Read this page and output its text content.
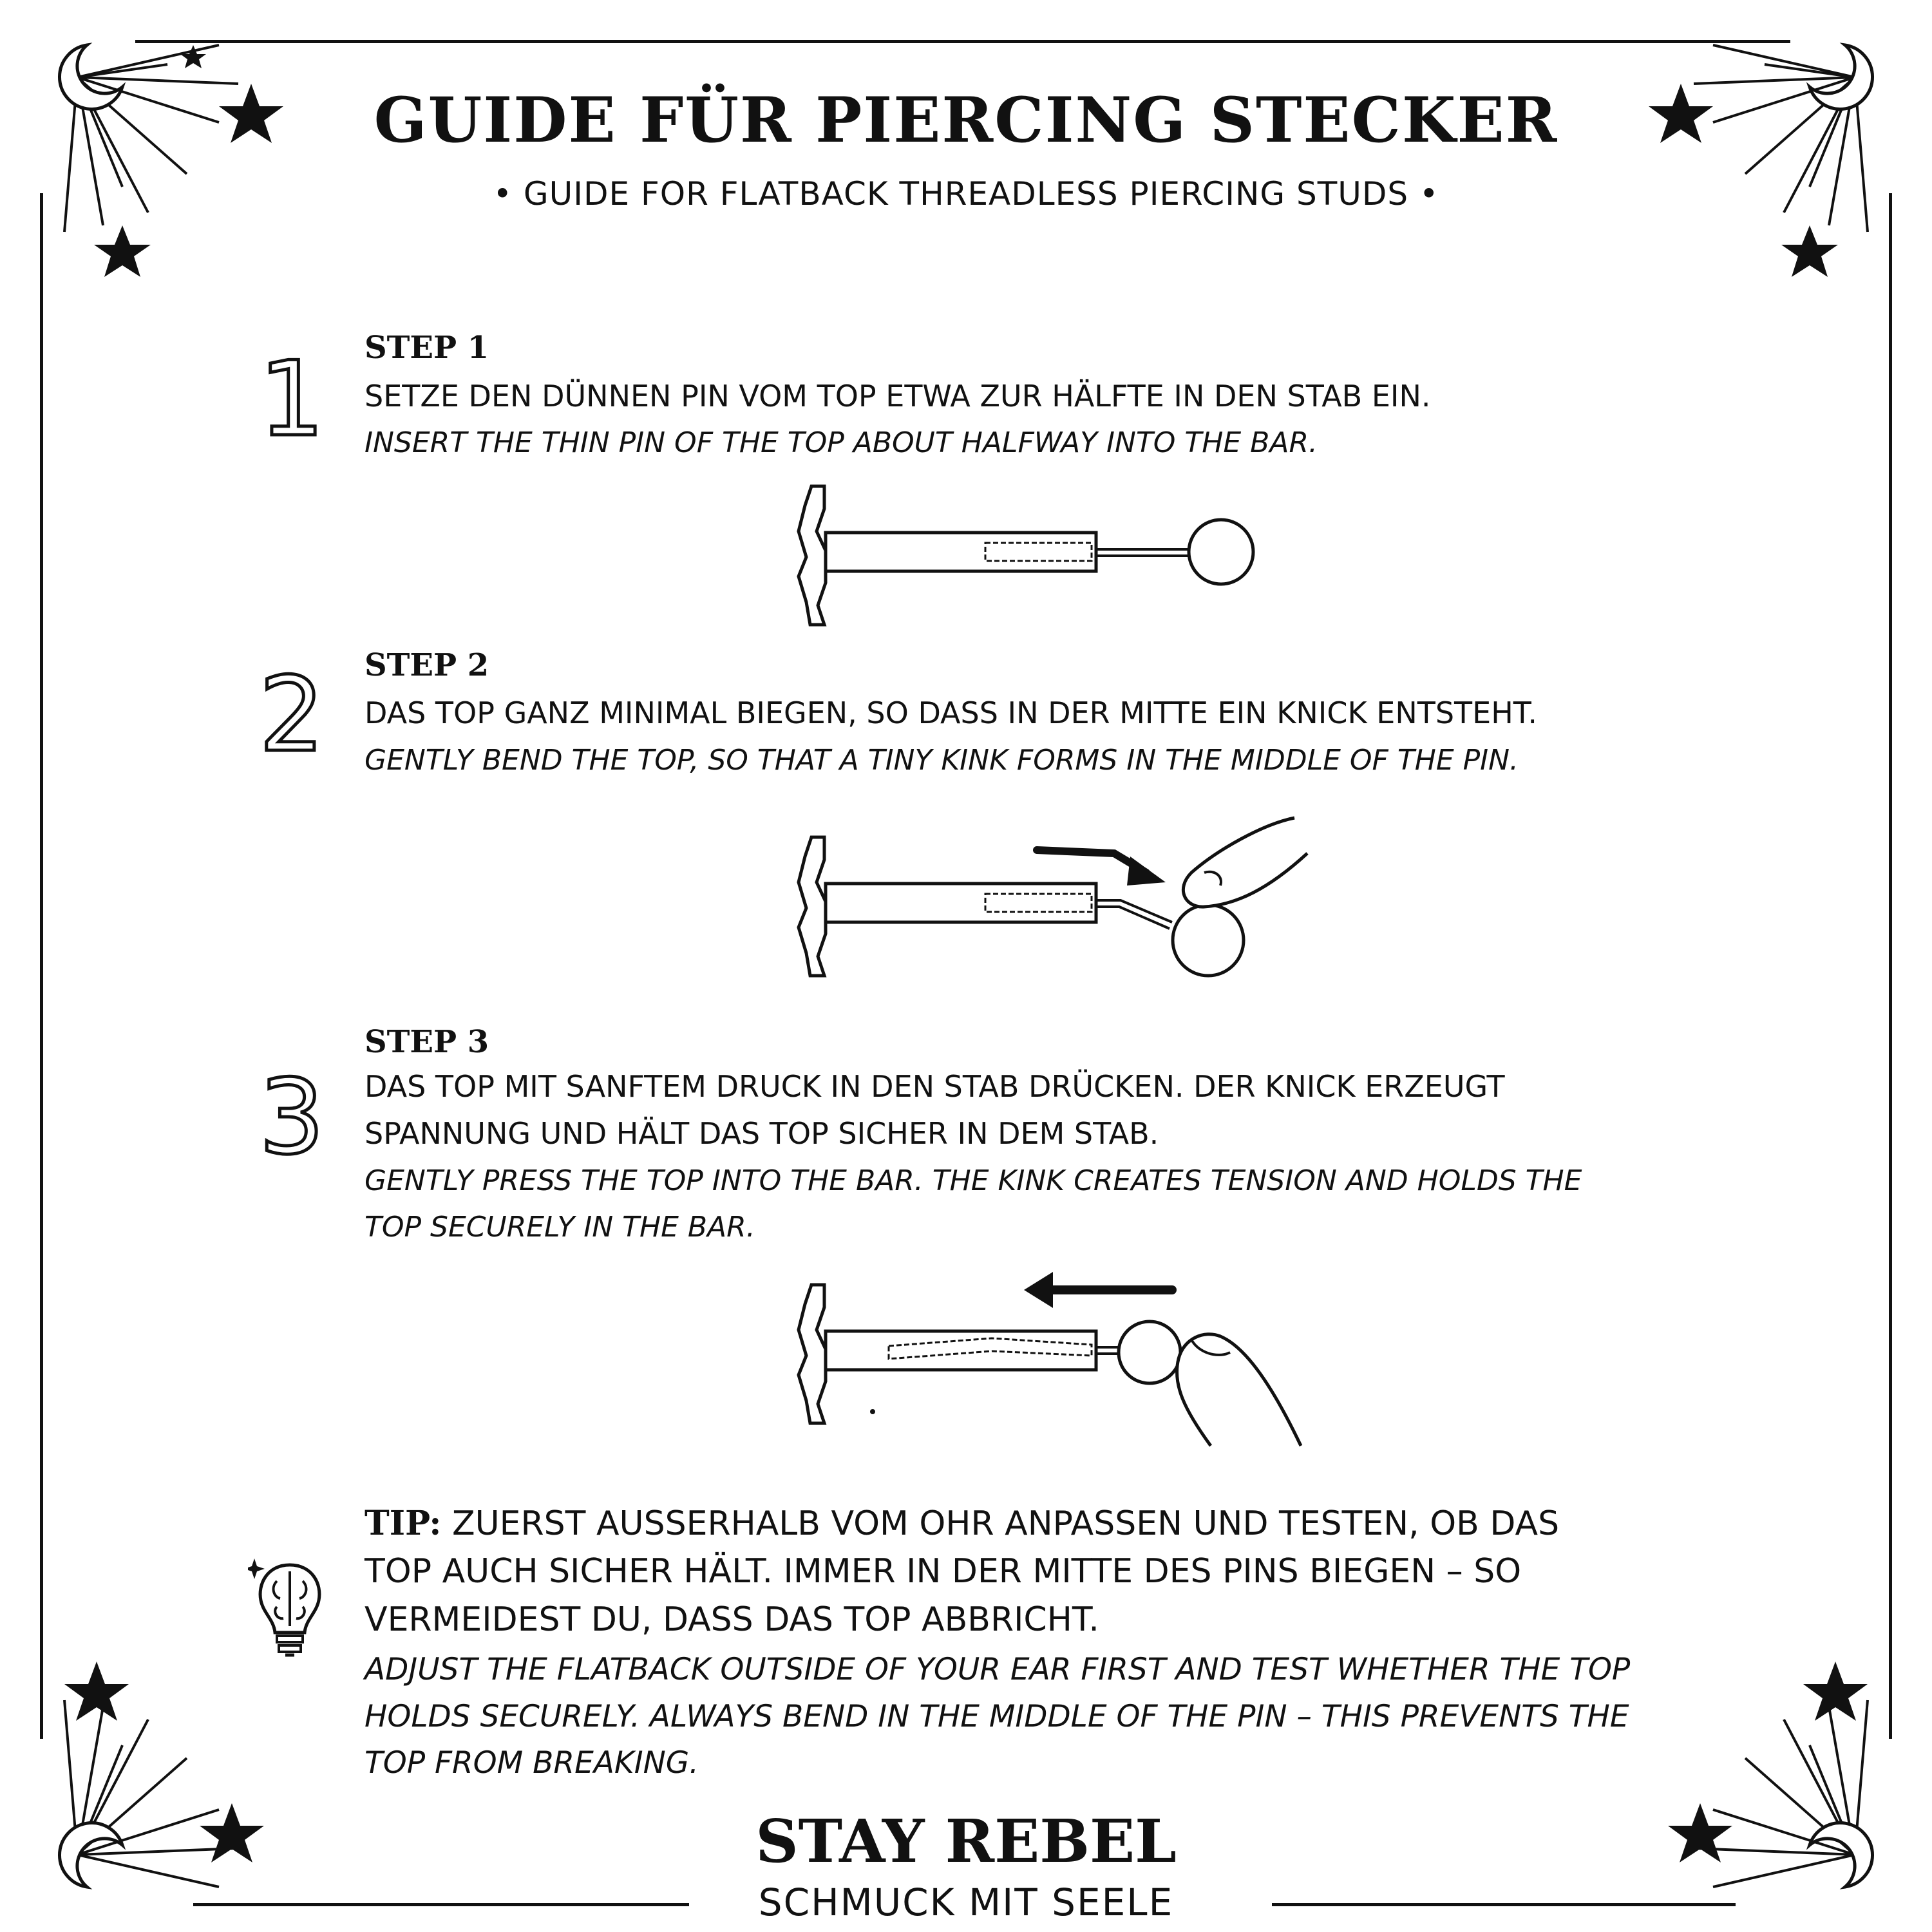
GUIDE FÜR PIERCING STECKER
• GUIDE FOR FLATBACK THREADLESS PIERCING STUDS •
1 STEP 1
SETZE DEN DÜNNEN PIN VOM TOP ETWA ZUR HÄLFTE IN DEN STAB EIN.
INSERT THE THIN PIN OF THE TOP ABOUT HALFWAY INTO THE BAR.
2 STEP 2
DAS TOP GANZ MINIMAL BIEGEN, SO DASS IN DER MITTE EIN KNICK ENTSTEHT.
GENTLY BEND THE TOP, SO THAT A TINY KINK FORMS IN THE MIDDLE OF THE PIN.
3
STEP 3
DAS TOP MIT SANFTEM DRUCK IN DEN STAB DRÜCKEN. DER KNICK ERZEUGT
SPANNUNG UND HÄLT DAS TOP SICHER IN DEM STAB.
GENTLY PRESS THE TOP INTO THE BAR. THE KINK CREATES TENSION AND HOLDS THE
TOP SECURELY IN THE BAR.
TIP: ZUERST AUSSERHALB VOM OHR ANPASSEN UND TESTEN, OB DAS
TOP AUCH SICHER HÄLT. IMMER IN DER MITTE DES PINS BIEGEN – SO
VERMEIDEST DU, DASS DAS TOP ABBRICHT.
ADJUST THE FLATBACK OUTSIDE OF YOUR EAR FIRST AND TEST WHETHER THE TOP
HOLDS SECURELY. ALWAYS BEND IN THE MIDDLE OF THE PIN – THIS PREVENTS THE
TOP FROM BREAKING.
STAY REBEL
SCHMUCK MIT SEELE
